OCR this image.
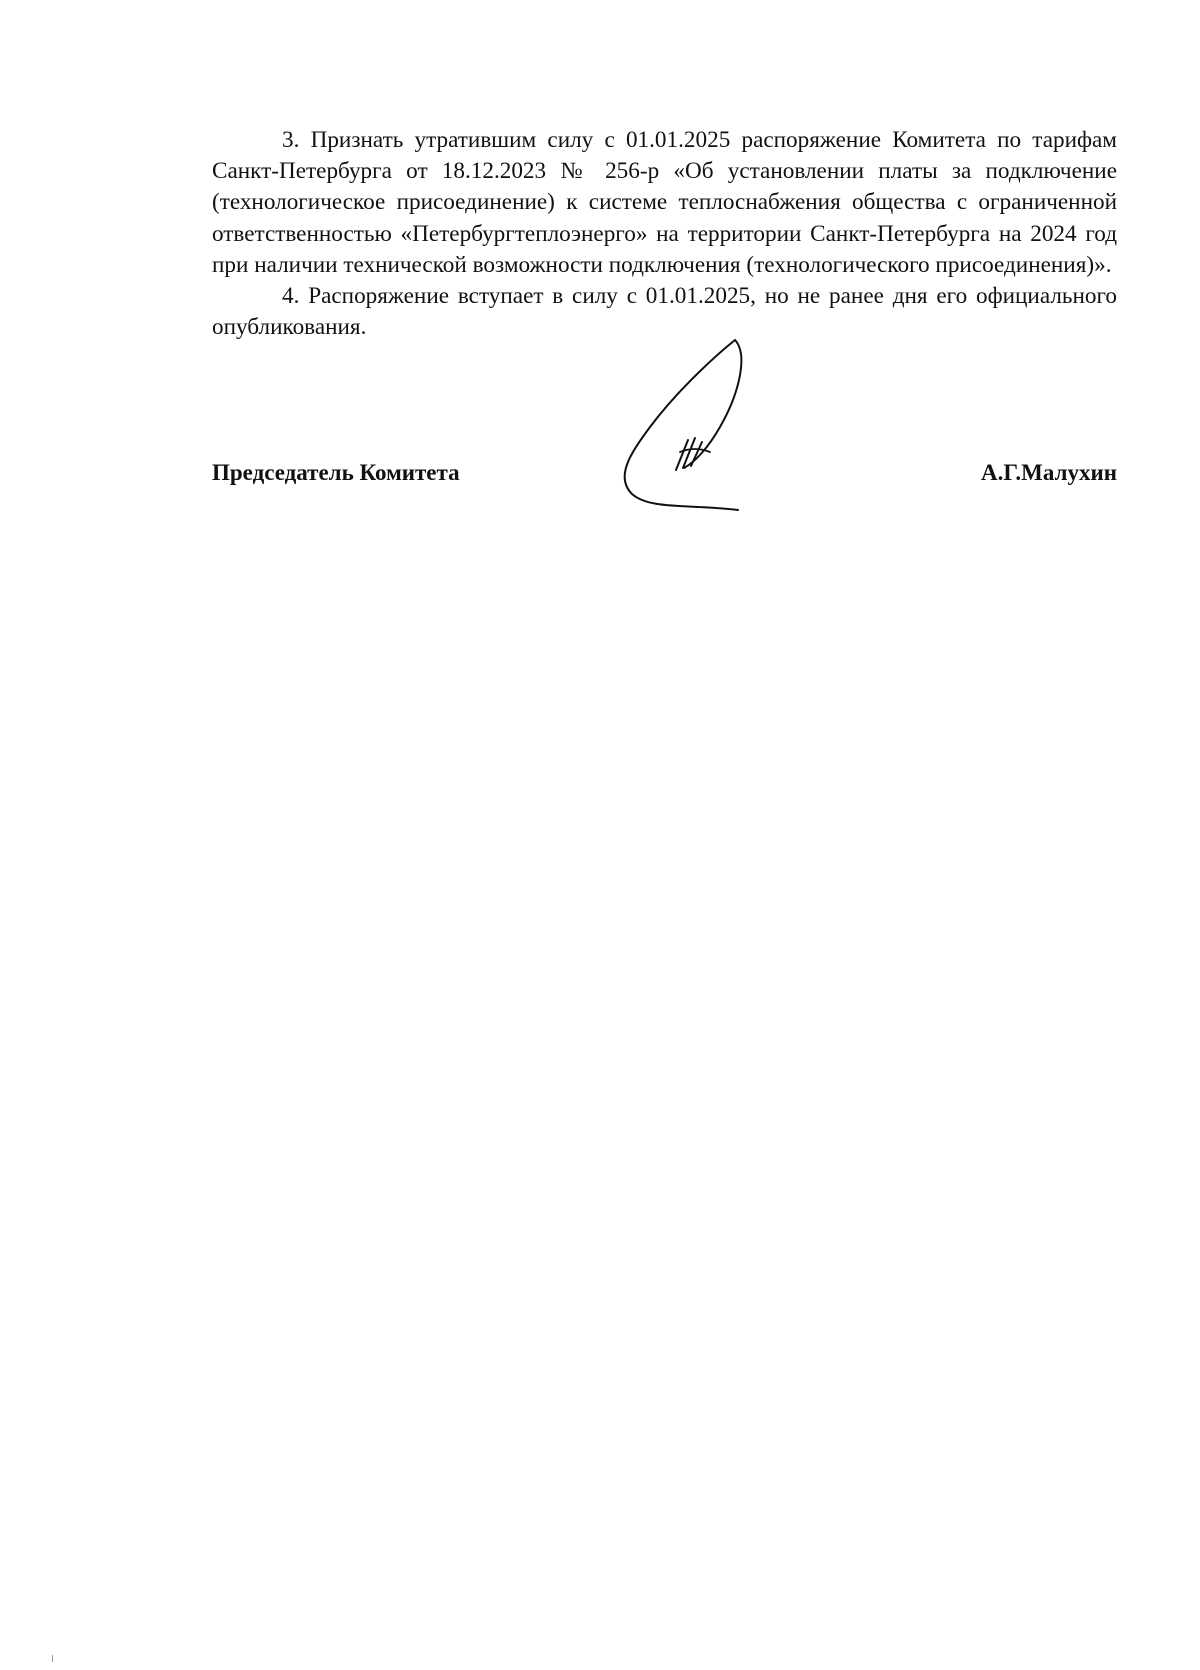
3. Признать утратившим силу с 01.01.2025 распоряжение Комитета по тарифам Санкт-Петербурга от 18.12.2023 № 256-р «Об установлении платы за подключение (технологическое присоединение) к системе теплоснабжения общества с ограниченной ответственностью «Петербургтеплоэнерго» на территории Санкт-Петербурга на 2024 год при наличии технической возможности подключения (технологического присоединения)».

4. Распоряжение вступает в силу с 01.01.2025, но не ранее дня его официального опубликования.

Председатель Комитета	А.Г.Малухин
